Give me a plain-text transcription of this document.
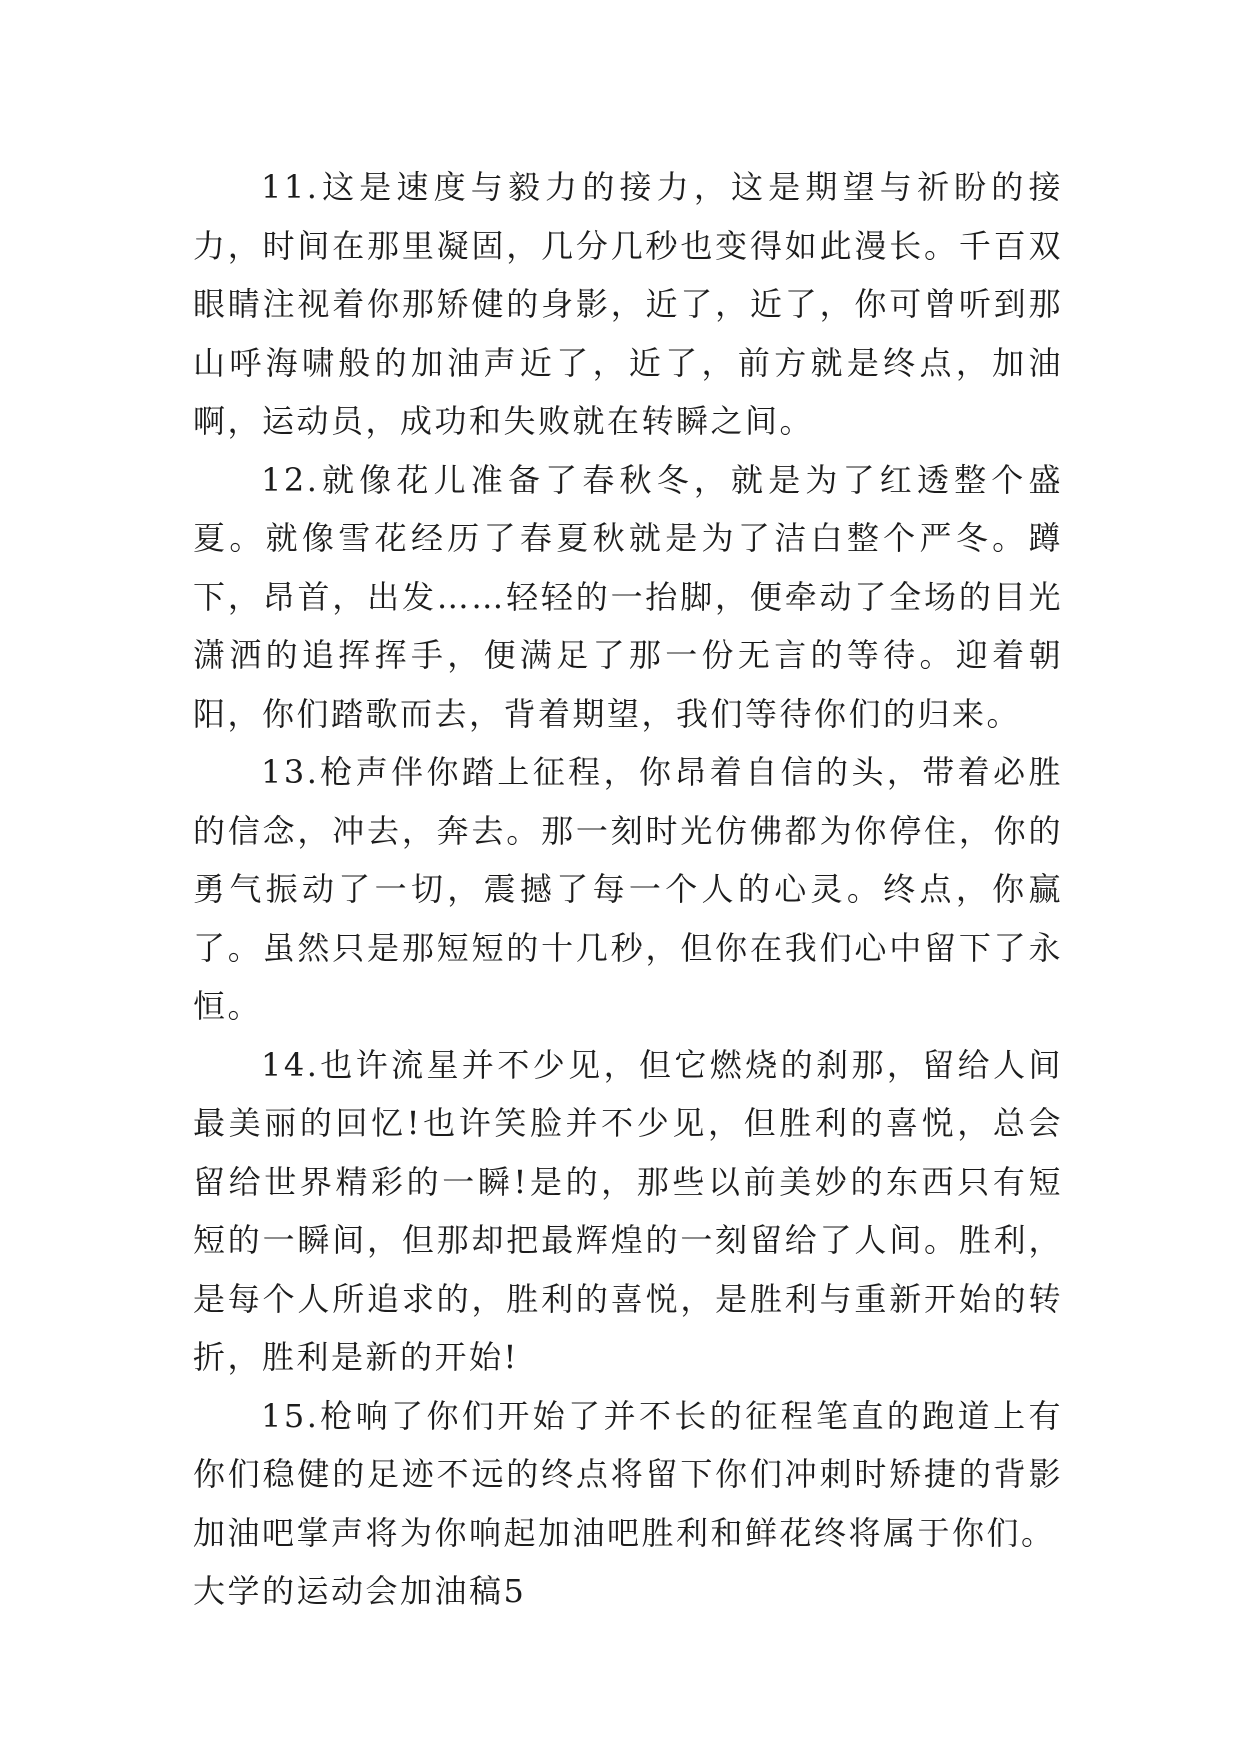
11.这是速度与毅力的接力，这是期望与祈盼的接力，时间在那里凝固，几分几秒也变得如此漫长。千百双眼睛注视着你那矫健的身影，近了，近了，你可曾听到那山呼海啸般的加油声近了，近了，前方就是终点，加油啊，运动员，成功和失败就在转瞬之间。

12.就像花儿准备了春秋冬，就是为了红透整个盛夏。就像雪花经历了春夏秋就是为了洁白整个严冬。蹲下，昂首，出发……轻轻的一抬脚，便牵动了全场的目光潇洒的追挥挥手，便满足了那一份无言的等待。迎着朝阳，你们踏歌而去，背着期望，我们等待你们的归来。

13.枪声伴你踏上征程，你昂着自信的头，带着必胜的信念，冲去，奔去。那一刻时光仿佛都为你停住，你的勇气振动了一切，震撼了每一个人的心灵。终点，你赢了。虽然只是那短短的十几秒，但你在我们心中留下了永恒。

14.也许流星并不少见，但它燃烧的刹那，留给人间最美丽的回忆!也许笑脸并不少见，但胜利的喜悦，总会留给世界精彩的一瞬!是的，那些以前美妙的东西只有短短的一瞬间，但那却把最辉煌的一刻留给了人间。胜利，是每个人所追求的，胜利的喜悦，是胜利与重新开始的转折，胜利是新的开始!

15.枪响了你们开始了并不长的征程笔直的跑道上有你们稳健的足迹不远的终点将留下你们冲刺时矫捷的背影加油吧掌声将为你响起加油吧胜利和鲜花终将属于你们。

大学的运动会加油稿5
